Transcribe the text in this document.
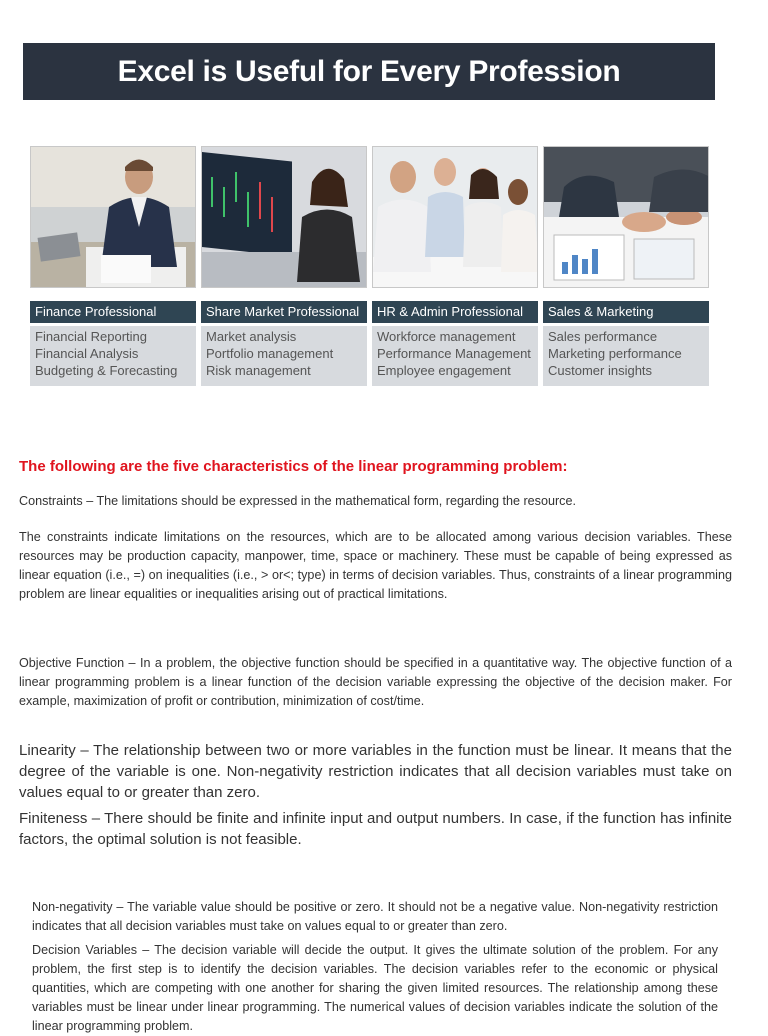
Excel is Useful for Every Profession
Finance Professional
Financial Reporting
Financial Analysis
Budgeting & Forecasting
Share Market Professional
Market analysis
Portfolio management
Risk management
HR & Admin Professional
Workforce management
Performance Management
Employee engagement
Sales & Marketing
Sales performance
Marketing performance
Customer insights
The following are the five characteristics of the linear programming problem:
Constraints – The limitations should be expressed in the mathematical form, regarding the resource.
The constraints indicate limitations on the resources, which are to be allocated among various decision variables. These resources may be production capacity, manpower, time, space or machinery. These must be capable of being expressed as linear equation (i.e., =) on inequalities (i.e., > or<; type) in terms of decision variables. Thus, constraints of a linear programming problem are linear equalities or inequalities arising out of practical limitations.
Objective Function – In a problem, the objective function should be specified in a quantitative way. The objective function of a linear programming problem is a linear function of the decision variable expressing the objective of the decision maker. For example, maximization of profit or contribution, minimization of cost/time.
Linearity – The relationship between two or more variables in the function must be linear. It means that the degree of the variable is one. Non-negativity restriction indicates that all decision variables must take on values equal to or greater than zero.
Finiteness – There should be finite and infinite input and output numbers. In case, if the function has infinite factors, the optimal solution is not feasible.
Non-negativity – The variable value should be positive or zero. It should not be a negative value. Non-negativity restriction indicates that all decision variables must take on values equal to or greater than zero.
Decision Variables – The decision variable will decide the output. It gives the ultimate solution of the problem. For any problem, the first step is to identify the decision variables. The decision variables refer to the economic or physical quantities, which are competing with one another for sharing the given limited resources. The relationship among these variables must be linear under linear programming. The numerical values of decision variables indicate the solution of the linear programming problem.
